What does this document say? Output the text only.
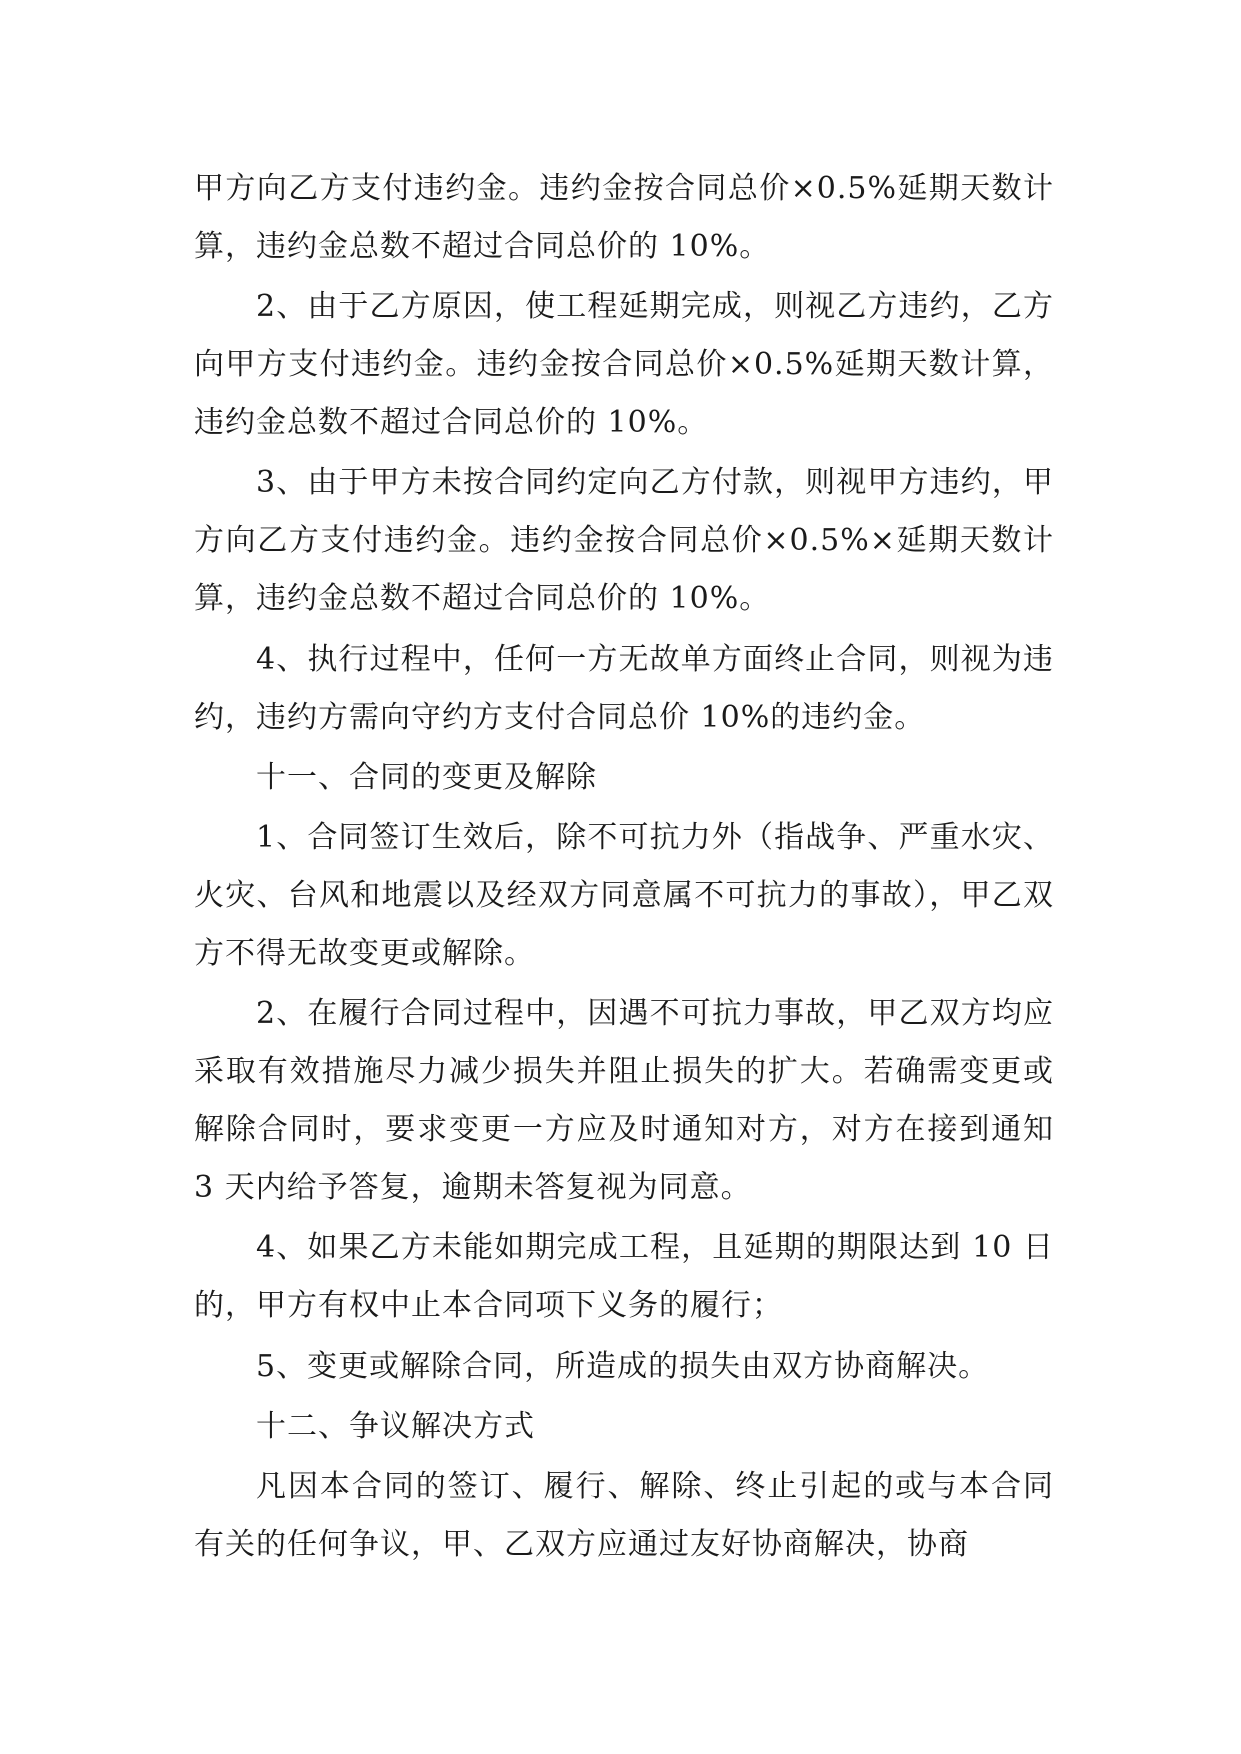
甲方向乙方支付违约金。违约金按合同总价×0.5%延期天数计算，违约金总数不超过合同总价的 10%。

2、由于乙方原因，使工程延期完成，则视乙方违约，乙方向甲方支付违约金。违约金按合同总价×0.5%延期天数计算，违约金总数不超过合同总价的 10%。

3、由于甲方未按合同约定向乙方付款，则视甲方违约，甲方向乙方支付违约金。违约金按合同总价×0.5%×延期天数计算，违约金总数不超过合同总价的 10%。

4、执行过程中，任何一方无故单方面终止合同，则视为违约，违约方需向守约方支付合同总价 10%的违约金。

十一、合同的变更及解除

1、合同签订生效后，除不可抗力外（指战争、严重水灾、火灾、台风和地震以及经双方同意属不可抗力的事故），甲乙双方不得无故变更或解除。

2、在履行合同过程中，因遇不可抗力事故，甲乙双方均应采取有效措施尽力减少损失并阻止损失的扩大。若确需变更或解除合同时，要求变更一方应及时通知对方，对方在接到通知 3 天内给予答复，逾期未答复视为同意。

4、如果乙方未能如期完成工程，且延期的期限达到 10 日的，甲方有权中止本合同项下义务的履行；

5、变更或解除合同，所造成的损失由双方协商解决。

十二、争议解决方式

凡因本合同的签订、履行、解除、终止引起的或与本合同有关的任何争议，甲、乙双方应通过友好协商解决，协商
